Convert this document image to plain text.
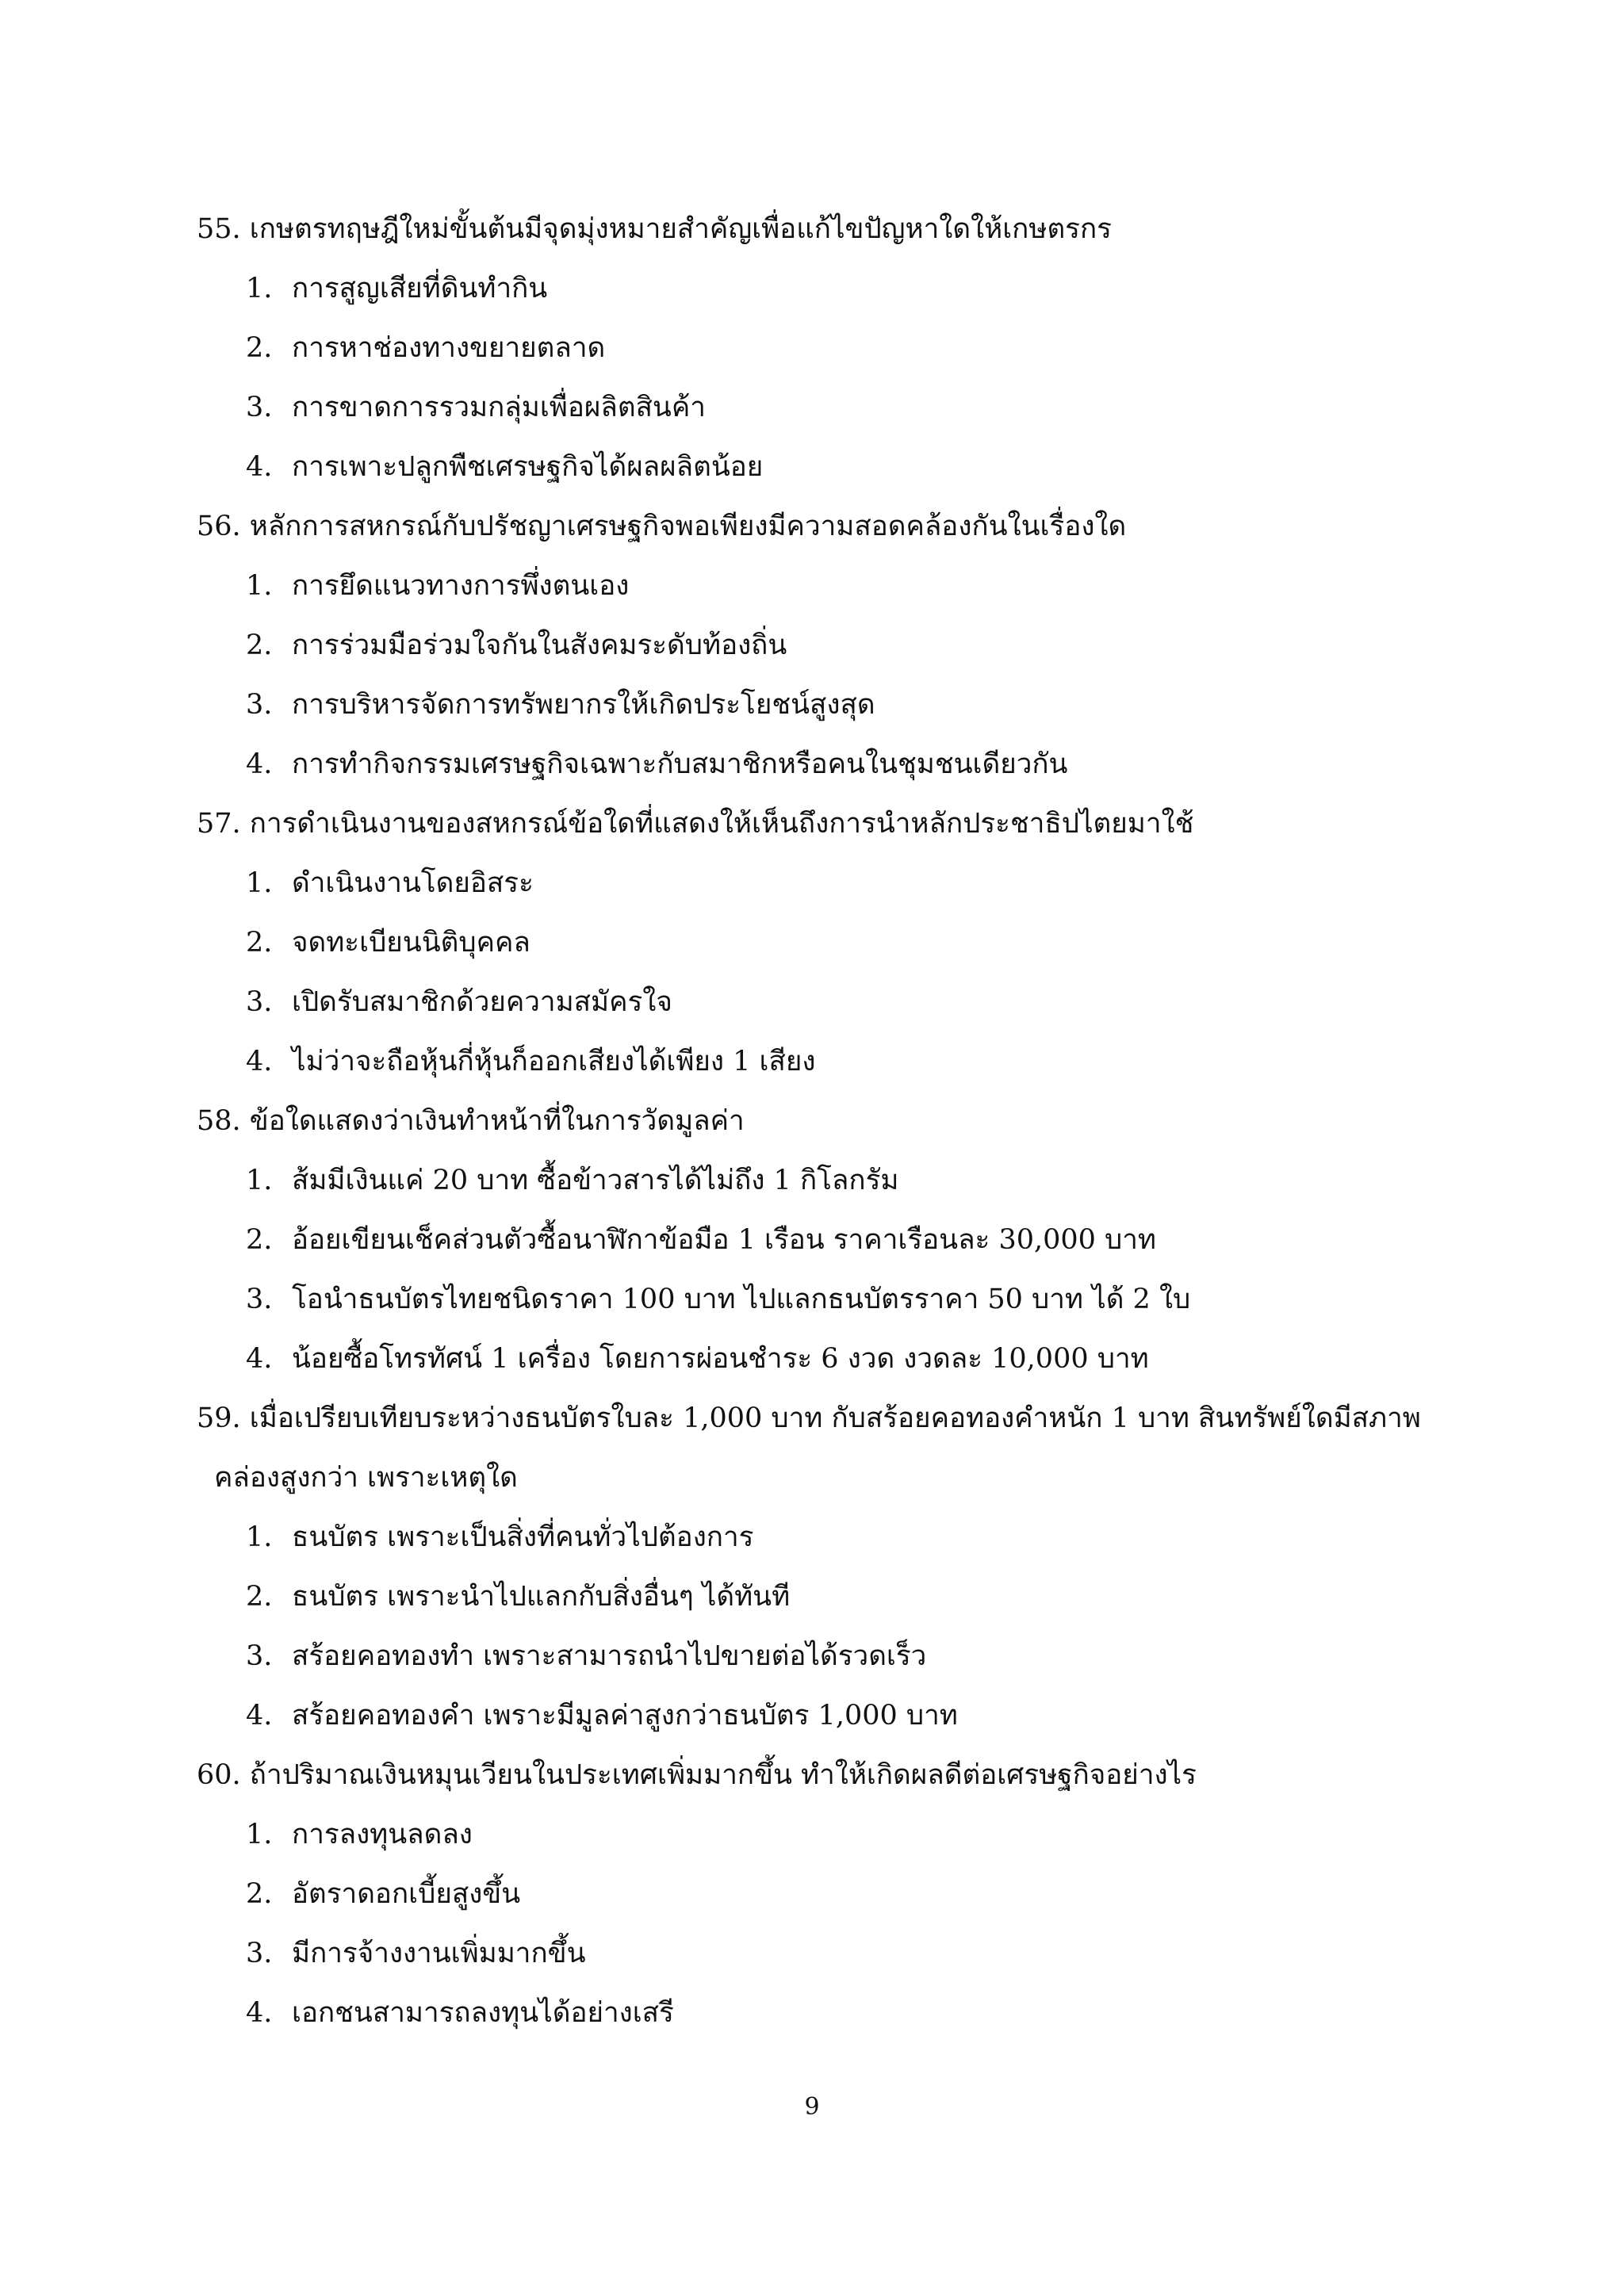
55. เกษตรทฤษฎีใหม่ขั้นต้นมีจุดมุ่งหมายสำคัญเพื่อแก้ไขปัญหาใดให้เกษตรกร
1. การสูญเสียที่ดินทำกิน
2. การหาช่องทางขยายตลาด
3. การขาดการรวมกลุ่มเพื่อผลิตสินค้า
4. การเพาะปลูกพืชเศรษฐกิจได้ผลผลิตน้อย
56. หลักการสหกรณ์กับปรัชญาเศรษฐกิจพอเพียงมีความสอดคล้องกันในเรื่องใด
1. การยึดแนวทางการพึ่งตนเอง
2. การร่วมมือร่วมใจกันในสังคมระดับท้องถิ่น
3. การบริหารจัดการทรัพยากรให้เกิดประโยชน์สูงสุด
4. การทำกิจกรรมเศรษฐกิจเฉพาะกับสมาชิกหรือคนในชุมชนเดียวกัน
57. การดำเนินงานของสหกรณ์ข้อใดที่แสดงให้เห็นถึงการนำหลักประชาธิปไตยมาใช้
1. ดำเนินงานโดยอิสระ
2. จดทะเบียนนิติบุคคล
3. เปิดรับสมาชิกด้วยความสมัครใจ
4. ไม่ว่าจะถือหุ้นกี่หุ้นก็ออกเสียงได้เพียง 1 เสียง
58. ข้อใดแสดงว่าเงินทำหน้าที่ในการวัดมูลค่า
1. ส้มมีเงินแค่ 20 บาท ซื้อข้าวสารได้ไม่ถึง 1 กิโลกรัม
2. อ้อยเขียนเช็คส่วนตัวซื้อนาฬิกาข้อมือ 1 เรือน ราคาเรือนละ 30,000 บาท
3. โอนำธนบัตรไทยชนิดราคา 100 บาท ไปแลกธนบัตรราคา 50 บาท ได้ 2 ใบ
4. น้อยซื้อโทรทัศน์ 1 เครื่อง โดยการผ่อนชำระ 6 งวด งวดละ 10,000 บาท
59. เมื่อเปรียบเทียบระหว่างธนบัตรใบละ 1,000 บาท กับสร้อยคอทองคำหนัก 1 บาท สินทรัพย์ใดมีสภาพ
คล่องสูงกว่า เพราะเหตุใด
1. ธนบัตร เพราะเป็นสิ่งที่คนทั่วไปต้องการ
2. ธนบัตร เพราะนำไปแลกกับสิ่งอื่นๆ ได้ทันที
3. สร้อยคอทองทำ เพราะสามารถนำไปขายต่อได้รวดเร็ว
4. สร้อยคอทองคำ เพราะมีมูลค่าสูงกว่าธนบัตร 1,000 บาท
60. ถ้าปริมาณเงินหมุนเวียนในประเทศเพิ่มมากขึ้น ทำให้เกิดผลดีต่อเศรษฐกิจอย่างไร
1. การลงทุนลดลง
2. อัตราดอกเบี้ยสูงขึ้น
3. มีการจ้างงานเพิ่มมากขึ้น
4. เอกชนสามารถลงทุนได้อย่างเสรี
9
